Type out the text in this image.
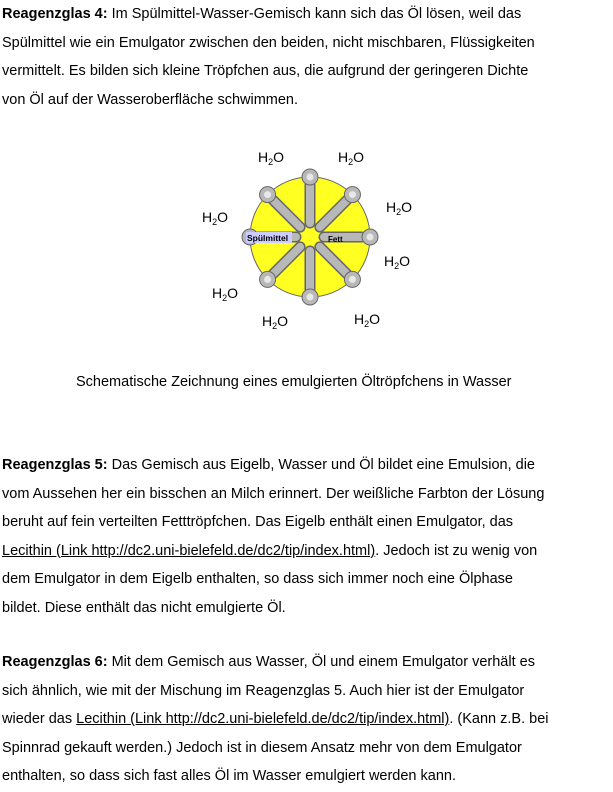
Reagenzglas 4: Im Spülmittel-Wasser-Gemisch kann sich das Öl lösen, weil das
Spülmittel wie ein Emulgator zwischen den beiden, nicht mischbaren, Flüssigkeiten
vermittelt. Es bilden sich kleine Tröpfchen aus, die aufgrund der geringeren Dichte
von Öl auf der Wasseroberfläche schwimmen.
$H_2O$	$H_2O$
$H_2O$
$H_2O$
$H_2O$
$H_2O$
$H_2O$	$H_2O$
Spülmittel	Fett
Schematische Zeichnung eines emulgierten Öltröpfchens in Wasser
Reagenzglas 5: Das Gemisch aus Eigelb, Wasser und Öl bildet eine Emulsion, die
vom Aussehen her ein bisschen an Milch erinnert. Der weißliche Farbton der Lösung
beruht auf fein verteilten Fetttröpfchen. Das Eigelb enthält einen Emulgator, das
Lecithin (Link http://dc2.uni-bielefeld.de/dc2/tip/index.html). Jedoch ist zu wenig von
dem Emulgator in dem Eigelb enthalten, so dass sich immer noch eine Ölphase
bildet. Diese enthält das nicht emulgierte Öl.
Reagenzglas 6: Mit dem Gemisch aus Wasser, Öl und einem Emulgator verhält es
sich ähnlich, wie mit der Mischung im Reagenzglas 5. Auch hier ist der Emulgator
wieder das Lecithin (Link http://dc2.uni-bielefeld.de/dc2/tip/index.html). (Kann z.B. bei
Spinnrad gekauft werden.) Jedoch ist in diesem Ansatz mehr von dem Emulgator
enthalten, so dass sich fast alles Öl im Wasser emulgiert werden kann.
